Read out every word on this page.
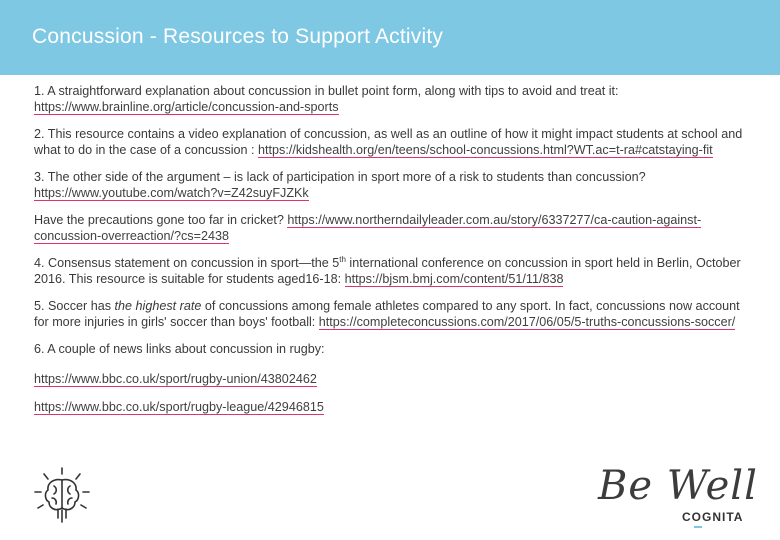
Concussion - Resources to Support Activity

1. A straightforward explanation about concussion in bullet point form, along with tips to avoid and treat it: https://www.brainline.org/article/concussion-and-sports

2. This resource contains a video explanation of concussion, as well as an outline of how it might impact students at school and what to do in the case of a concussion : https://kidshealth.org/en/teens/school-concussions.html?WT.ac=t-ra#catstaying-fit

3. The other side of the argument – is lack of participation in sport more of a risk to students than concussion? https://www.youtube.com/watch?v=Z42suyFJZKk

Have the precautions gone too far in cricket? https://www.northerndailyleader.com.au/story/6337277/ca-caution-against-concussion-overreaction/?cs=2438

4. Consensus statement on concussion in sport—the 5th international conference on concussion in sport held in Berlin, October 2016. This resource is suitable for students aged16-18: https://bjsm.bmj.com/content/51/11/838

5. Soccer has the highest rate of concussions among female athletes compared to any sport. In fact, concussions now account for more injuries in girls' soccer than boys' football: https://completeconcussions.com/2017/06/05/5-truths-concussions-soccer/

6. A couple of news links about concussion in rugby:

https://www.bbc.co.uk/sport/rugby-union/43802462
https://www.bbc.co.uk/sport/rugby-league/42946815
Be Well
COGNITA
